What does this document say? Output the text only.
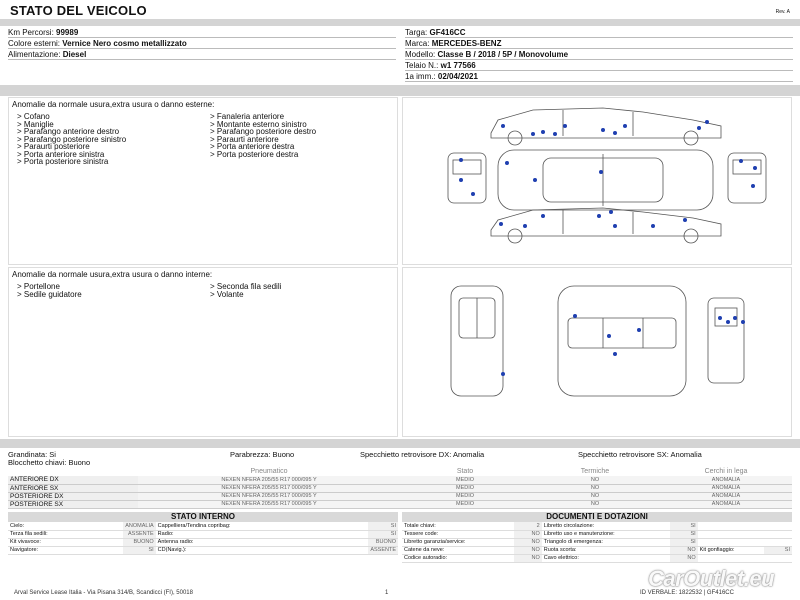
STATO DEL VEICOLO	Rev. A
Km Percorsi: 99989
Colore esterni: Vernice Nero cosmo metallizzato
Alimentazione: Diesel
Targa: GF416CC
Marca: MERCEDES-BENZ
Modello: Classe B / 2018 / 5P / Monovolume
Telaio N.: w1 77566
1a imm.: 02/04/2021
Anomalie da normale usura,extra usura o danno esterne:
> Cofano
> Maniglie
> Parafango anteriore destro
> Parafango posteriore sinistro
> Paraurti posteriore
> Porta anteriore sinistra
> Porta posteriore sinistra
> Fanaleria anteriore
> Montante esterno sinistro
> Parafango posteriore destro
> Paraurti anteriore
> Porta anteriore destra
> Porta posteriore destra
Anomalie da normale usura,extra usura o danno interne:
> Portellone
> Sedile guidatore
> Seconda fila sedili
> Volante
Grandinata: Si	Parabrezza: Buono	Specchietto retrovisore DX: Anomalia	Specchietto retrovisore SX: Anomalia
Blocchetto chiavi: Buono
	Pneumatico	Stato	Termiche	Cerchi in lega
ANTERIORE DX	NEXEN NFERA 205/55 R17 000/095 Y	MEDIO	NO	ANOMALIA
ANTERIORE SX	NEXEN NFERA 205/55 R17 000/095 Y	MEDIO	NO	ANOMALIA
POSTERIORE DX	NEXEN NFERA 205/55 R17 000/095 Y	MEDIO	NO	ANOMALIA
POSTERIORE SX	NEXEN NFERA 205/55 R17 000/095 Y	MEDIO	NO	ANOMALIA
STATO INTERNO
Cielo:	ANOMALIA	Cappelliera/Tendina copribag:	SI
Terza fila sedili:	ASSENTE	Radio:	SI
Kit vivavoce:	BUONO	Antenna radio:	BUONO
Navigatore:	SI	CD(Navig.):	ASSENTE
DOCUMENTI E DOTAZIONI
Totale chiavi:	2	Libretto circolazione:	SI		
Tessere code:	NO	Libretto uso e manutenzione:	SI		
Libretto garanzia/service:	NO	Triangolo di emergenza:	SI		
Catene da neve:	NO	Ruota scorta:	NO	Kit gonfiaggio:	SI
Codice autoradio:	NO	Cavo elettrico:	NO		
Arval Service Lease Italia - Via Pisana 314/B, Scandicci (FI), 50018	1	ID VERBALE: 1822532 | GF416CC
CarOutlet.eu
